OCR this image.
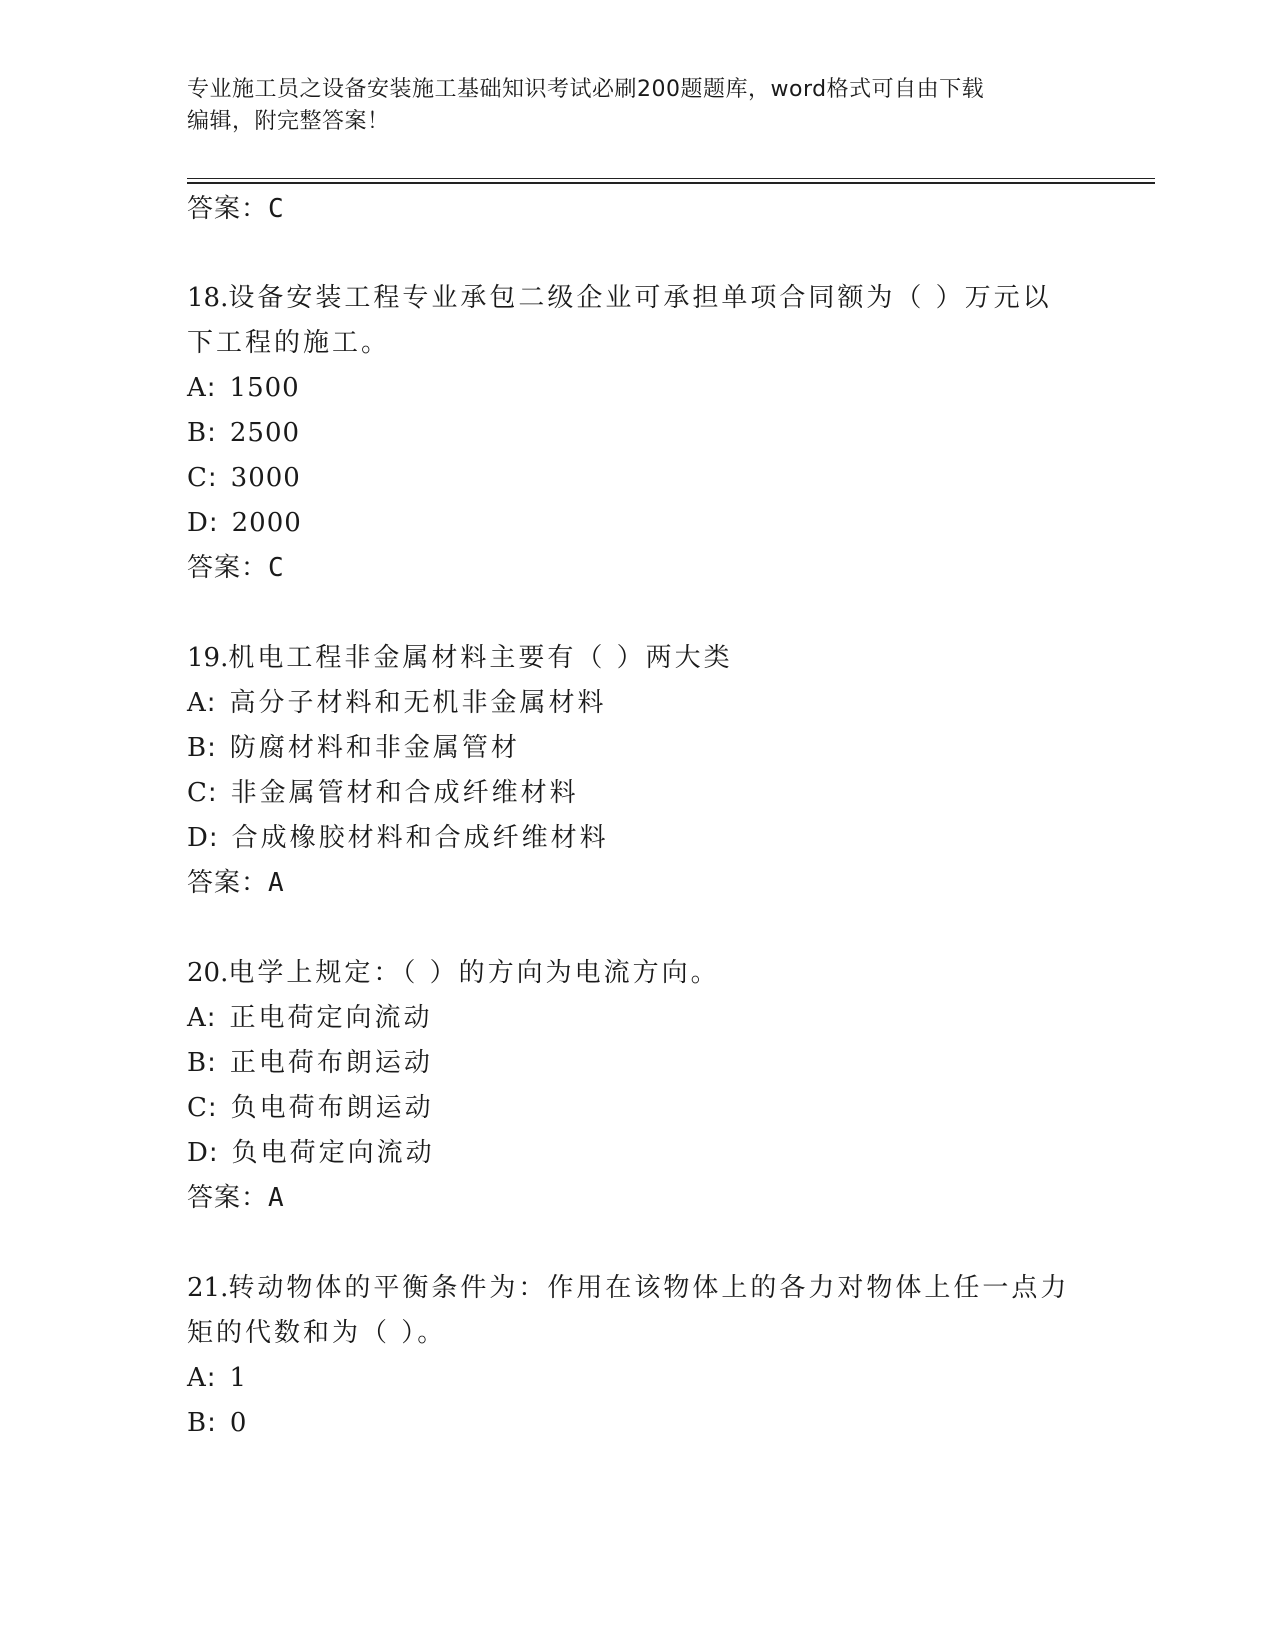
专业施工员之设备安装施工基础知识考试必刷200题题库，word格式可自由下载
编辑，附完整答案！
答案：C
18.设备安装工程专业承包二级企业可承担单项合同额为（ ）万元以
下工程的施工。
A: 1500
B: 2500
C: 3000
D: 2000
答案：C
19.机电工程非金属材料主要有（ ）两大类
A: 高分子材料和无机非金属材料
B: 防腐材料和非金属管材
C: 非金属管材和合成纤维材料
D: 合成橡胶材料和合成纤维材料
答案：A
20.电学上规定：（ ）的方向为电流方向。
A: 正电荷定向流动
B: 正电荷布朗运动
C: 负电荷布朗运动
D: 负电荷定向流动
答案：A
21.转动物体的平衡条件为：作用在该物体上的各力对物体上任一点力
矩的代数和为（ ）。
A: 1
B: 0
